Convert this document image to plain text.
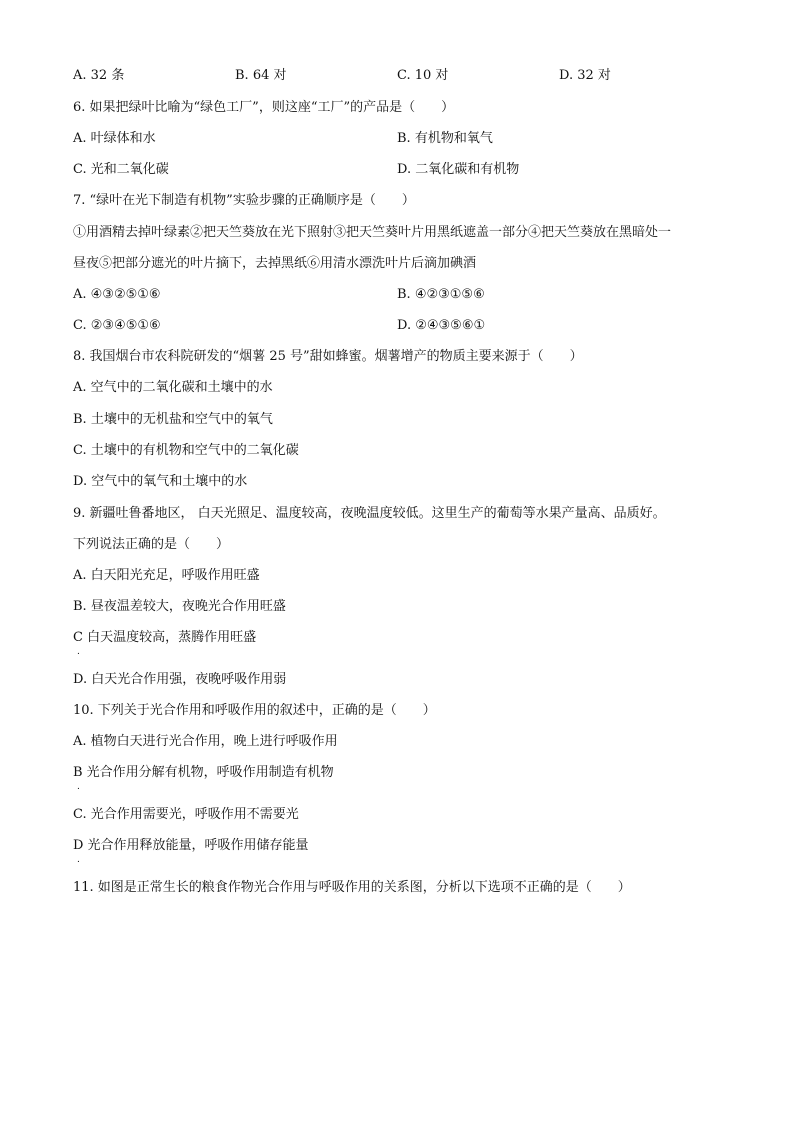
A. 32 条	B. 64 对	C. 10 对	D. 32 对
6. 如果把绿叶比喻为“绿色工厂”，则这座“工厂”的产品是（　　）
A. 叶绿体和水	B. 有机物和氧气
C. 光和二氧化碳	D. 二氧化碳和有机物
7. “绿叶在光下制造有机物”实验步骤的正确顺序是（　　）
①用酒精去掉叶绿素②把天竺葵放在光下照射③把天竺葵叶片用黑纸遮盖一部分④把天竺葵放在黑暗处一
昼夜⑤把部分遮光的叶片摘下，去掉黑纸⑥用清水漂洗叶片后滴加碘酒
A. ④③②⑤①⑥	B. ④②③①⑤⑥
C. ②③④⑤①⑥	D. ②④③⑤⑥①
8. 我国烟台市农科院研发的“烟薯 25 号”甜如蜂蜜。烟薯增产的物质主要来源于（　　）
A. 空气中的二氧化碳和土壤中的水
B. 土壤中的无机盐和空气中的氧气
C. 土壤中的有机物和空气中的二氧化碳
D. 空气中的氧气和土壤中的水
9. 新疆吐鲁番地区， 白天光照足、温度较高，夜晚温度较低。这里生产的葡萄等水果产量高、品质好。
下列说法正确的是（　　）
A. 白天阳光充足，呼吸作用旺盛
B. 昼夜温差较大，夜晚光合作用旺盛
C 白天温度较高，蒸腾作用旺盛
.
D. 白天光合作用强，夜晚呼吸作用弱
10. 下列关于光合作用和呼吸作用的叙述中，正确的是（　　）
A. 植物白天进行光合作用，晚上进行呼吸作用
B 光合作用分解有机物，呼吸作用制造有机物
.
C. 光合作用需要光，呼吸作用不需要光
D 光合作用释放能量，呼吸作用储存能量
.
11. 如图是正常生长的粮食作物光合作用与呼吸作用的关系图，分析以下选项不正确的是（　　）
